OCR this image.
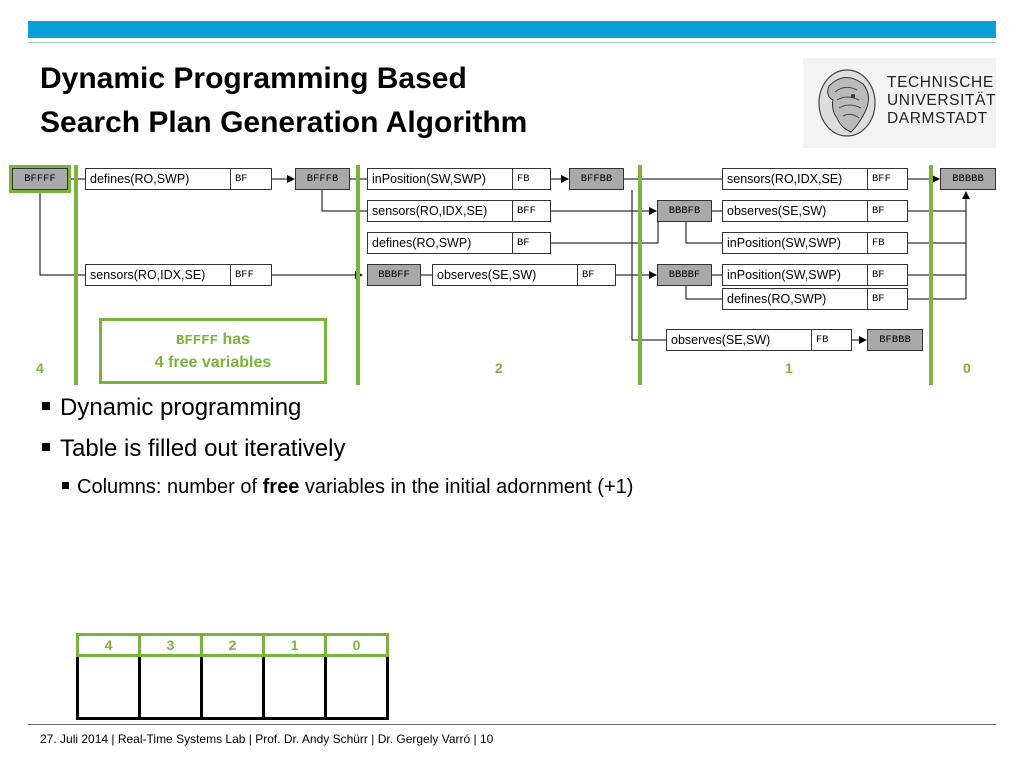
Dynamic Programming Based
Search Plan Generation Algorithm
TECHNISCHE
UNIVERSITÄT
DARMSTADT
BFFFF	BFFFB
BBBFF
BFFBB
BBBFB
BBBBF
BFBBB
BBBBB
defines(RO,SWP)	BF
sensors(RO,IDX,SE)	BFF
inPosition(SW,SWP)	FB
sensors(RO,IDX,SE)	BFF
defines(RO,SWP)	BF
observes(SE,SW)	BF
sensors(RO,IDX,SE)	BFF
observes(SE,SW)	BF
inPosition(SW,SWP)	FB
inPosition(SW,SWP)	BF
defines(RO,SWP)	BF
observes(SE,SW)	FB
4	2	1	0
BFFFF has
4 free variables
Dynamic programming
Table is filled out iteratively
Columns: number of free variables in the initial adornment (+1)
4	3	2	1	0

27. Juli 2014 | Real-Time Systems Lab | Prof. Dr. Andy Schürr | Dr. Gergely Varró | 10
